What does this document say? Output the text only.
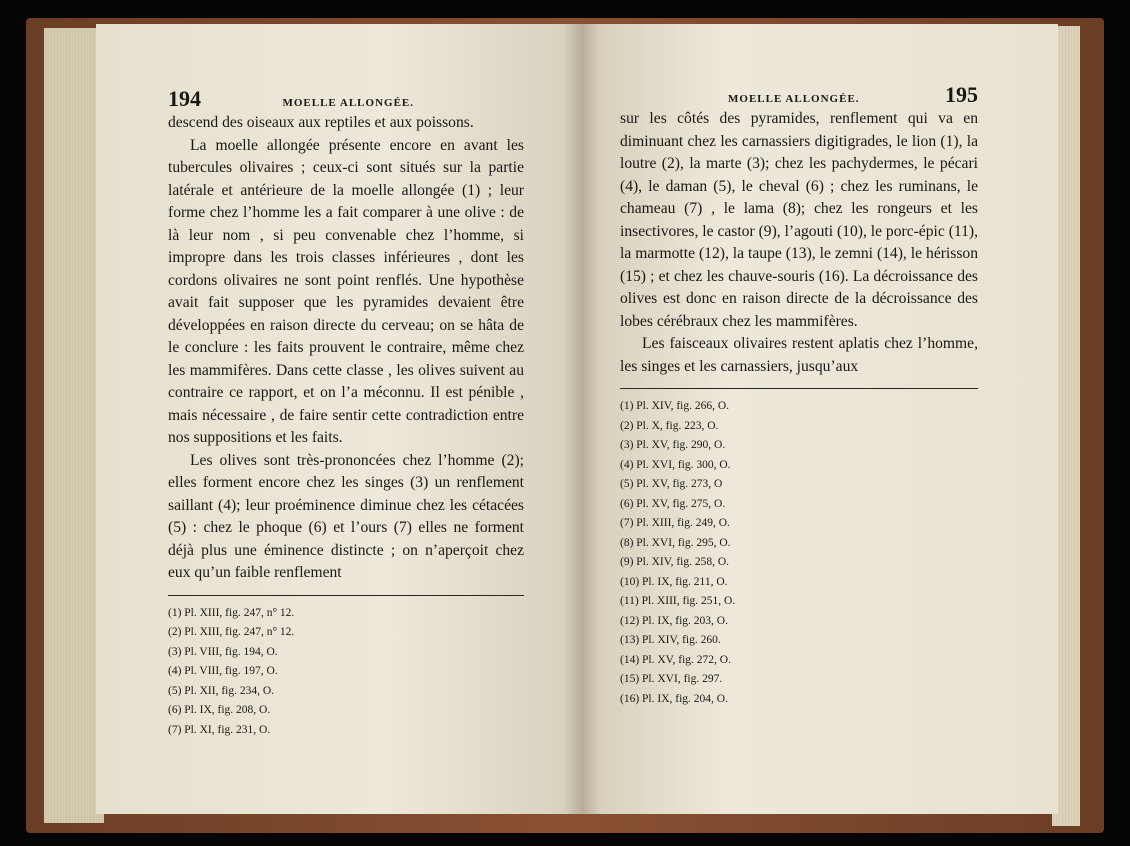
194	MOELLE ALLONGÉE.

descend des oiseaux aux reptiles et aux poissons.

La moelle allongée présente encore en avant les tubercules olivaires ; ceux-ci sont situés sur la partie latérale et antérieure de la moelle allongée (1) ; leur forme chez l’homme les a fait comparer à une olive : de là leur nom , si peu convenable chez l’homme, si impropre dans les trois classes inférieures , dont les cordons olivaires ne sont point renflés. Une hypothèse avait fait supposer que les pyramides devaient être développées en raison directe du cerveau; on se hâta de le conclure : les faits prouvent le contraire, même chez les mammifères. Dans cette classe , les olives suivent au contraire ce rapport, et on l’a méconnu. Il est pénible , mais nécessaire , de faire sentir cette contradiction entre nos suppositions et les faits.

Les olives sont très-prononcées chez l’homme (2); elles forment encore chez les singes (3) un renflement saillant (4); leur proéminence diminue chez les cétacées (5) : chez le phoque (6) et l’ours (7) elles ne forment déjà plus une éminence distincte ; on n’aperçoit chez eux qu’un faible renflement

(1) Pl. XIII, fig. 247, n° 12.
(2) Pl. XIII, fig. 247, n° 12.
(3) Pl. VIII, fig. 194, O.
(4) Pl. VIII, fig. 197, O.
(5) Pl. XII, fig. 234, O.
(6) Pl. IX, fig. 208, O.
(7) Pl. XI, fig. 231, O.
MOELLE ALLONGÉE.	195

sur les côtés des pyramides, renflement qui va en diminuant chez les carnassiers digitigrades, le lion (1), la loutre (2), la marte (3); chez les pachydermes, le pécari (4), le daman (5), le cheval (6) ; chez les ruminans, le chameau (7) , le lama (8); chez les rongeurs et les insectivores, le castor (9), l’agouti (10), le porc-épic (11), la marmotte (12), la taupe (13), le zemni (14), le hérisson (15) ; et chez les chauve-souris (16). La décroissance des olives est donc en raison directe de la décroissance des lobes cérébraux chez les mammifères.

Les faisceaux olivaires restent aplatis chez l’homme, les singes et les carnassiers, jusqu’aux

(1) Pl. XIV, fig. 266, O.
(2) Pl. X, fig. 223, O.
(3) Pl. XV, fig. 290, O.
(4) Pl. XVI, fig. 300, O.
(5) Pl. XV, fig. 273, O
(6) Pl. XV, fig. 275, O.
(7) Pl. XIII, fig. 249, O.
(8) Pl. XVI, fig. 295, O.
(9) Pl. XIV, fig. 258, O.
(10) Pl. IX, fig. 211, O.
(11) Pl. XIII, fig. 251, O.
(12) Pl. IX, fig. 203, O.
(13) Pl. XIV, fig. 260.
(14) Pl. XV, fig. 272, O.
(15) Pl. XVI, fig. 297.
(16) Pl. IX, fig. 204, O.
